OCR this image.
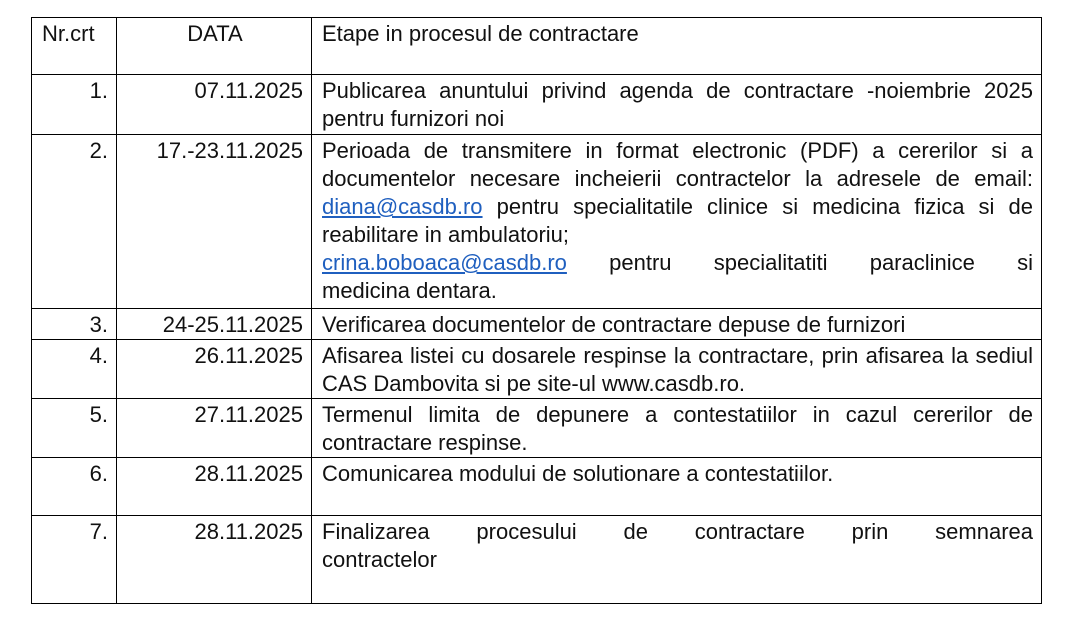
Nr.crt	DATA	Etape in procesul de contractare
1.	07.11.2025	Publicarea anuntului privind agenda de contractare -noiembrie 2025 pentru furnizori noi
2.	17.-23.11.2025	Perioada de transmitere in format electronic (PDF) a cererilor si a documentelor necesare incheierii contractelor la adresele de email: diana@casdb.ro pentru specialitatile clinice si medicina fizica si de reabilitare in ambulatoriu;
crina.boboaca@casdb.ro pentru specialitatiti paraclinice si
medicina dentara.

3.	24-25.11.2025	Verificarea documentelor de contractare depuse de furnizori
4.	26.11.2025	Afisarea listei cu dosarele respinse la contractare, prin afisarea la sediul CAS Dambovita si pe site-ul www.casdb.ro.
5.	27.11.2025	Termenul limita de depunere a contestatiilor in cazul cererilor de contractare respinse.
6.	28.11.2025	Comunicarea modului de solutionare a contestatiilor.
7.	28.11.2025	Finalizarea procesului de contractare prin semnarea
contractelor
